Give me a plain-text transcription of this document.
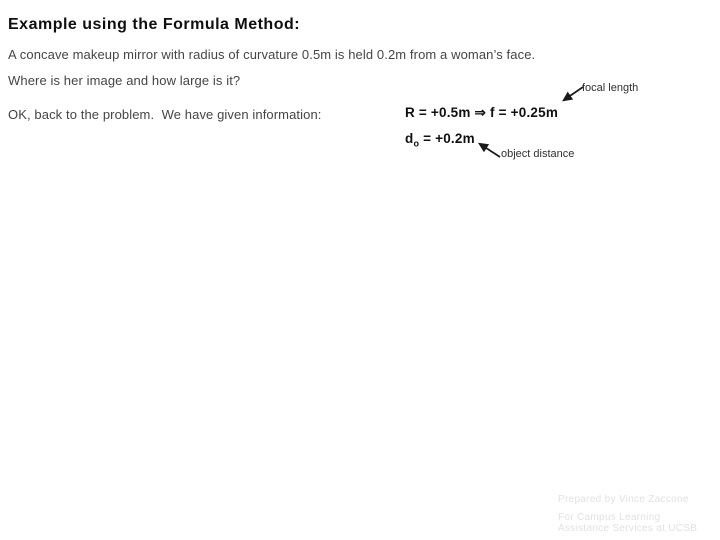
Example using the Formula Method:

A concave makeup mirror with radius of curvature 0.5m is held 0.2m from a woman’s face.

Where is her image and how large is it?

OK, back to the problem.  We have given information:	R = +0.5m ⇒ f = +0.25m
$d_o = +0.2m$
focal length
object distance

Prepared by Vince Zaccone

For Campus Learning

Assistance Services at UCSB
